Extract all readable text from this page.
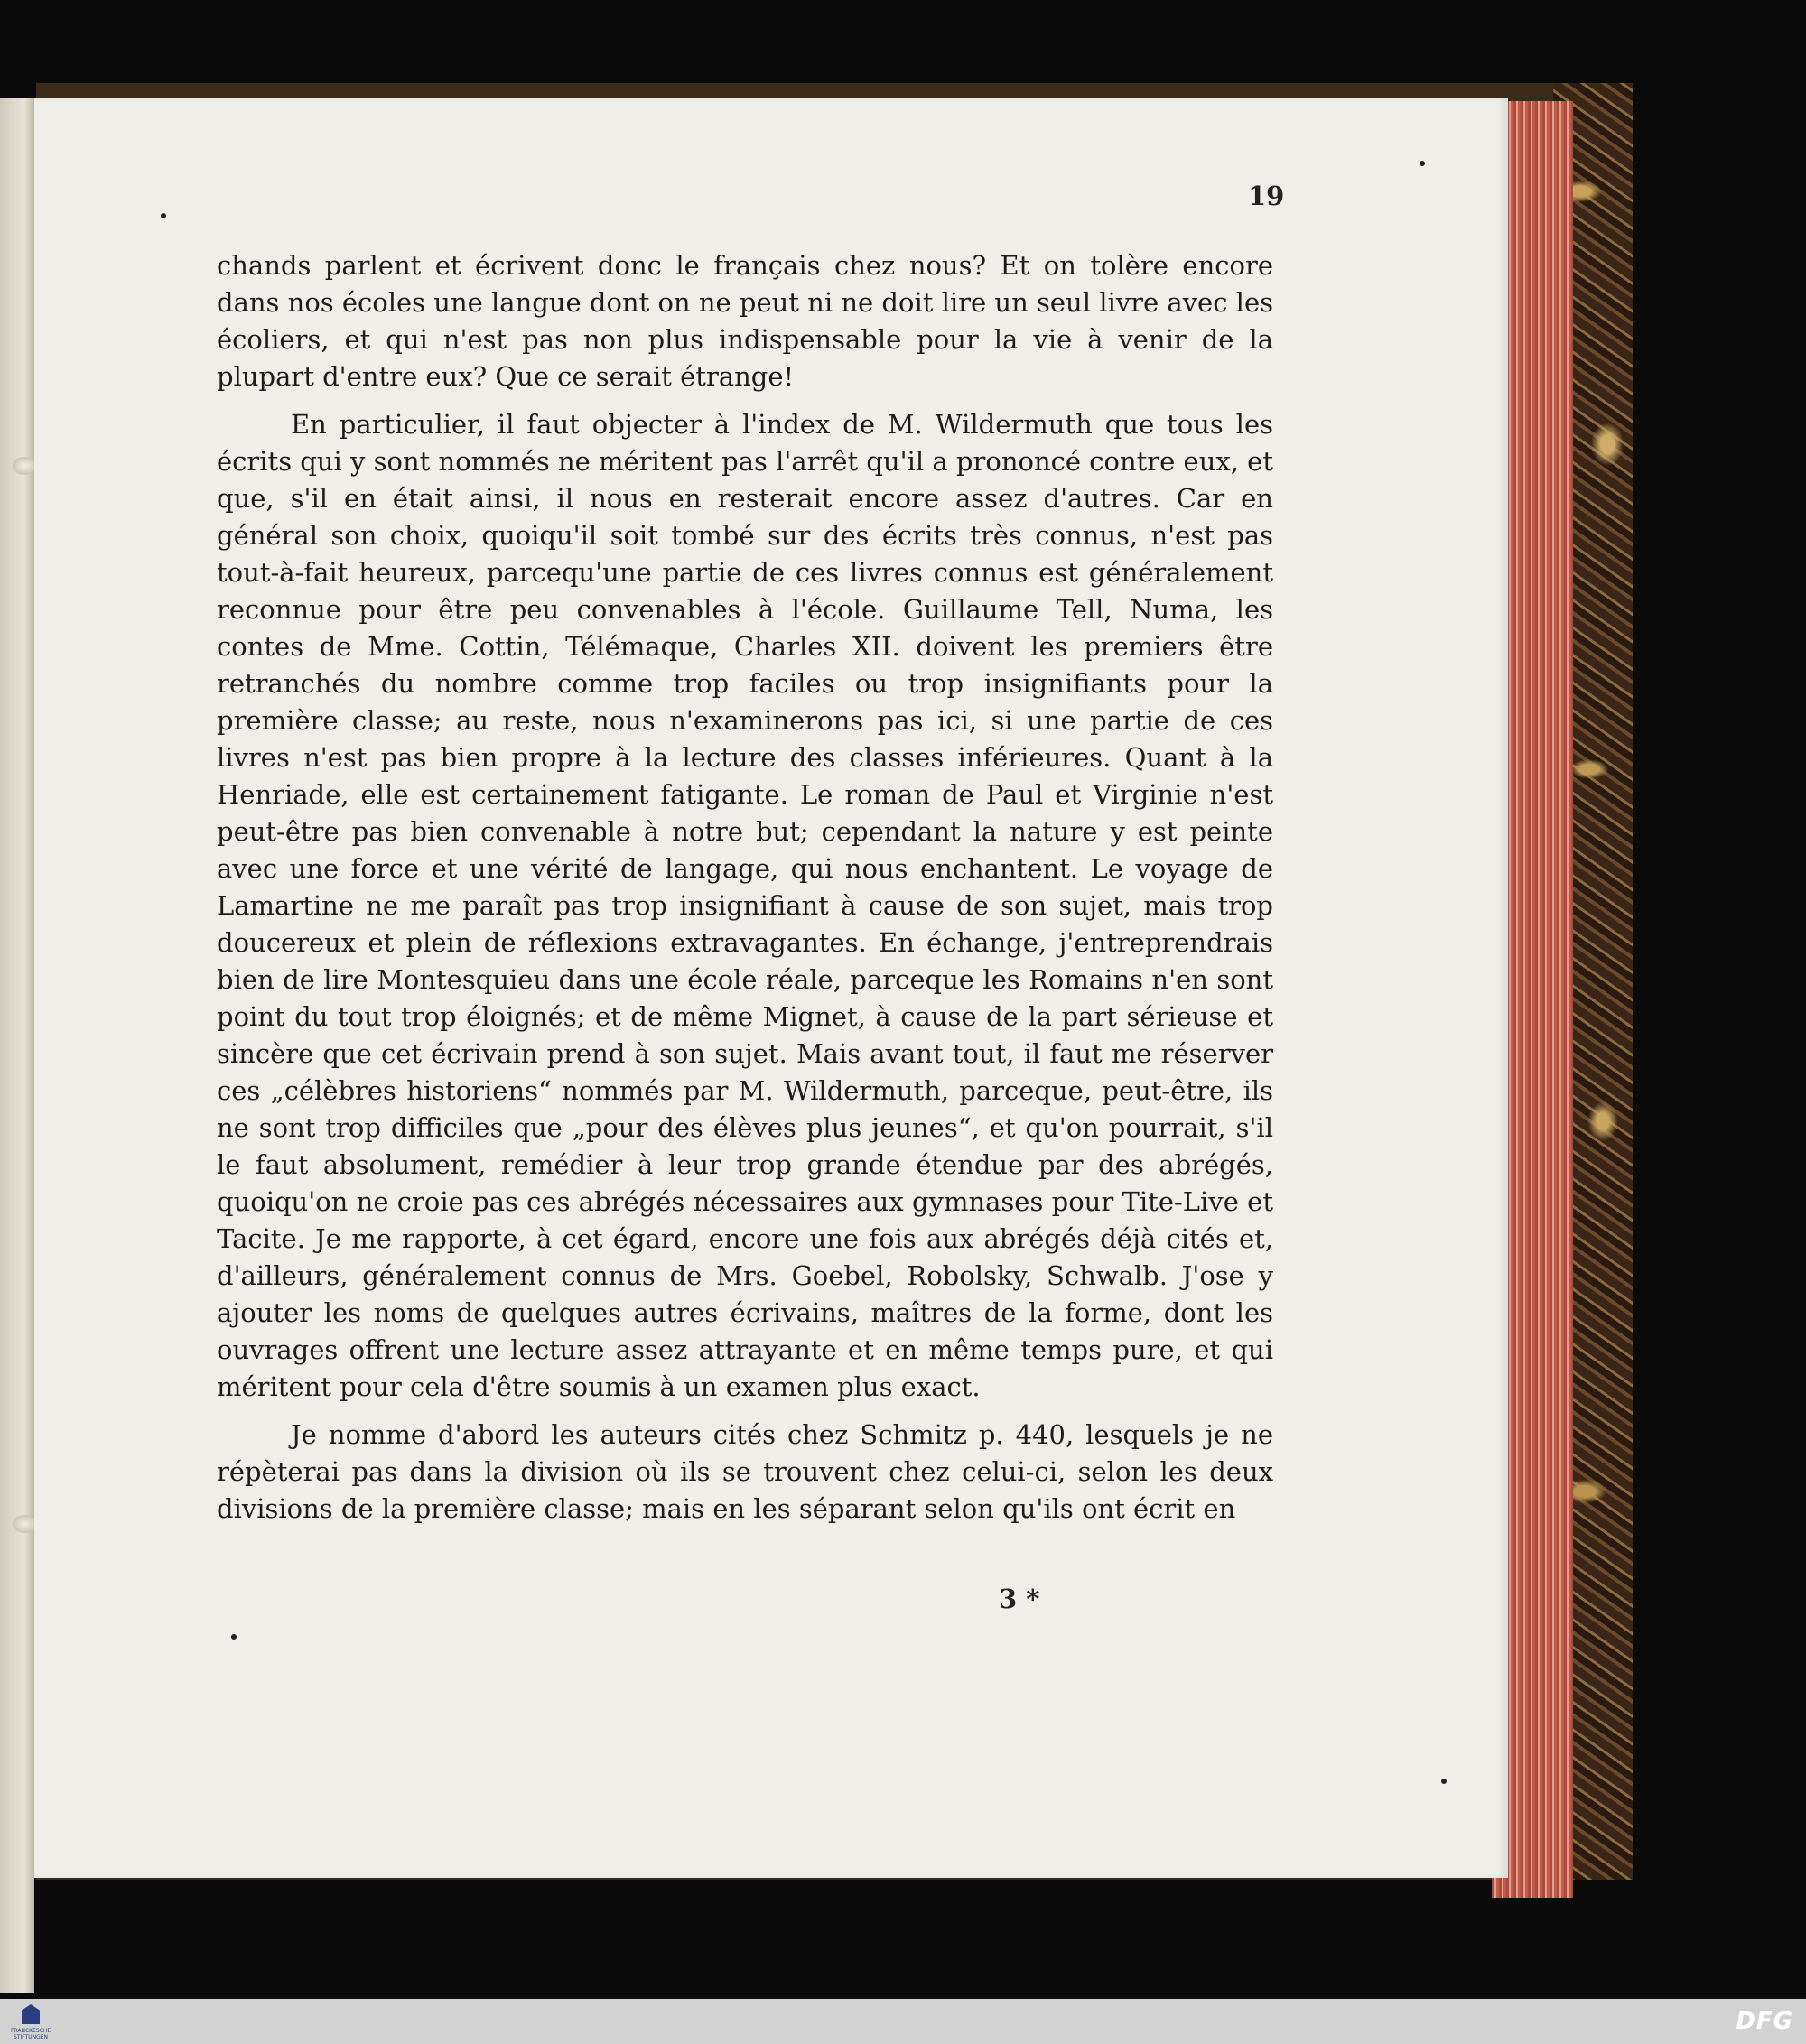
19

chands parlent et écrivent donc le français chez nous? Et on tolère encore dans nos écoles une langue dont on ne peut ni ne doit lire un seul livre avec les écoliers, et qui n'est pas non plus indispensable pour la vie à venir de la plupart d'entre eux? Que ce serait étrange!

En particulier, il faut objecter à l'index de M. Wildermuth que tous les écrits qui y sont nommés ne méritent pas l'arrêt qu'il a prononcé contre eux, et que, s'il en était ainsi, il nous en resterait encore assez d'autres. Car en général son choix, quoiqu'il soit tombé sur des écrits très connus, n'est pas tout-à-fait heureux, parcequ'une partie de ces livres connus est généralement reconnue pour être peu convenables à l'école. Guillaume Tell, Numa, les contes de Mme. Cottin, Télémaque, Charles XII. doivent les premiers être retranchés du nombre comme trop faciles ou trop insignifiants pour la première classe; au reste, nous n'examinerons pas ici, si une partie de ces livres n'est pas bien propre à la lecture des classes inférieures. Quant à la Henriade, elle est certainement fatigante. Le roman de Paul et Virginie n'est peut-être pas bien convenable à notre but; cependant la nature y est peinte avec une force et une vérité de langage, qui nous enchantent. Le voyage de Lamartine ne me paraît pas trop insignifiant à cause de son sujet, mais trop doucereux et plein de réflexions extravagantes. En échange, j'entreprendrais bien de lire Montesquieu dans une école réale, parceque les Romains n'en sont point du tout trop éloignés; et de même Mignet, à cause de la part sérieuse et sincère que cet écrivain prend à son sujet. Mais avant tout, il faut me réserver ces „célèbres historiens“ nommés par M. Wildermuth, parceque, peut-être, ils ne sont trop difficiles que „pour des élèves plus jeunes“, et qu'on pourrait, s'il le faut absolument, remédier à leur trop grande étendue par des abrégés, quoiqu'on ne croie pas ces abrégés nécessaires aux gymnases pour Tite-Live et Tacite. Je me rapporte, à cet égard, encore une fois aux abrégés déjà cités et, d'ailleurs, généralement connus de Mrs. Goebel, Robolsky, Schwalb. J'ose y ajouter les noms de quelques autres écrivains, maîtres de la forme, dont les ouvrages offrent une lecture assez attrayante et en même temps pure, et qui méritent pour cela d'être soumis à un examen plus exact.

Je nomme d'abord les auteurs cités chez Schmitz p. 440, lesquels je ne répèterai pas dans la division où ils se trouvent chez celui-ci, selon les deux divisions de la première classe; mais en les séparant selon qu'ils ont écrit en

3 *
FRANCKESCHE STIFTUNGEN
DFG
